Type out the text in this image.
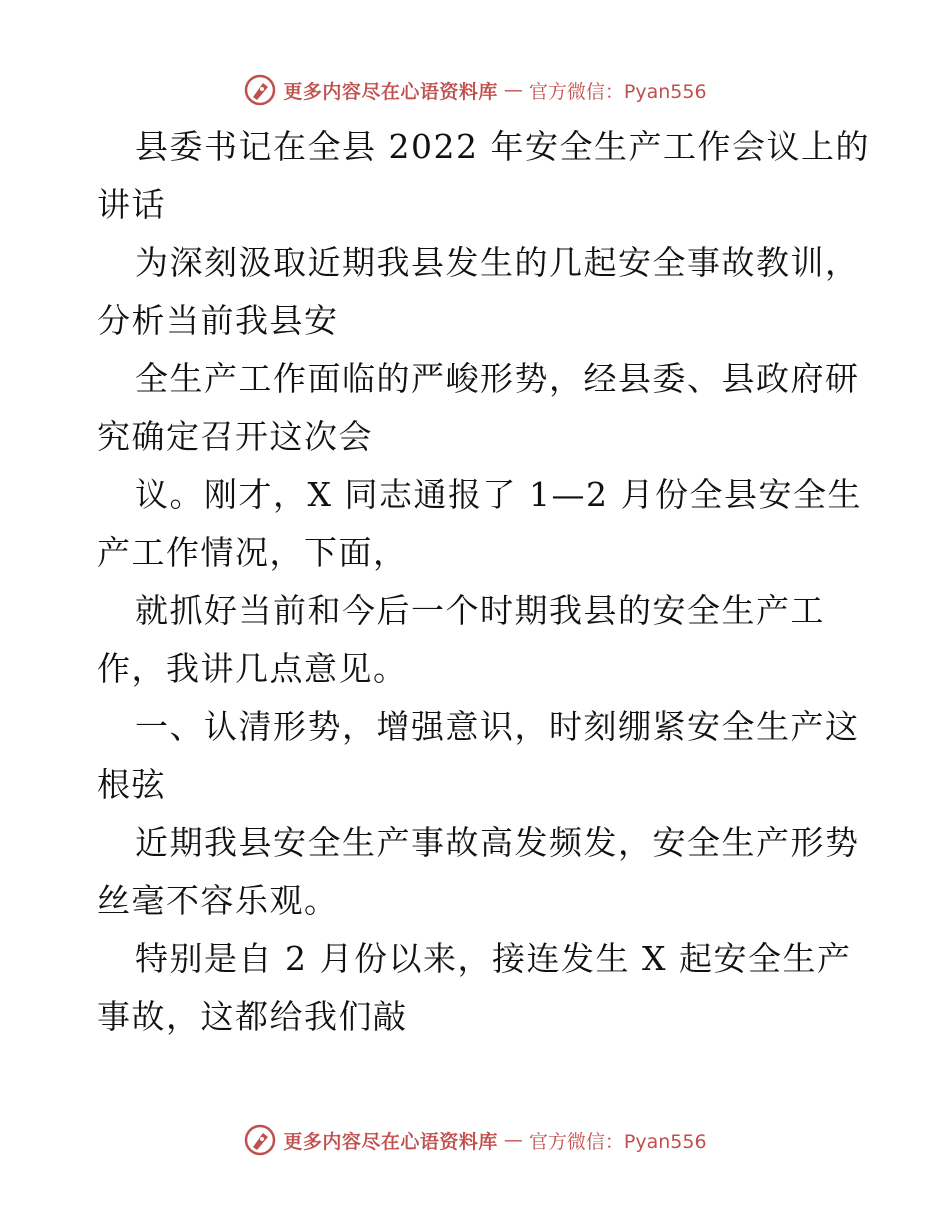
更多内容尽在心语资料库 — 官方微信：Pyan556
县委书记在全县 2022 年安全生产工作会议上的
讲话
为深刻汲取近期我县发生的几起安全事故教训，
分析当前我县安
全生产工作面临的严峻形势，经县委、县政府研
究确定召开这次会
议。刚才，X 同志通报了 1—2 月份全县安全生
产工作情况，下面，
就抓好当前和今后一个时期我县的安全生产工
作，我讲几点意见。
一、认清形势，增强意识，时刻绷紧安全生产这
根弦
近期我县安全生产事故高发频发，安全生产形势
丝毫不容乐观。
特别是自 2 月份以来，接连发生 X 起安全生产
事故，这都给我们敲
更多内容尽在心语资料库 — 官方微信：Pyan556
